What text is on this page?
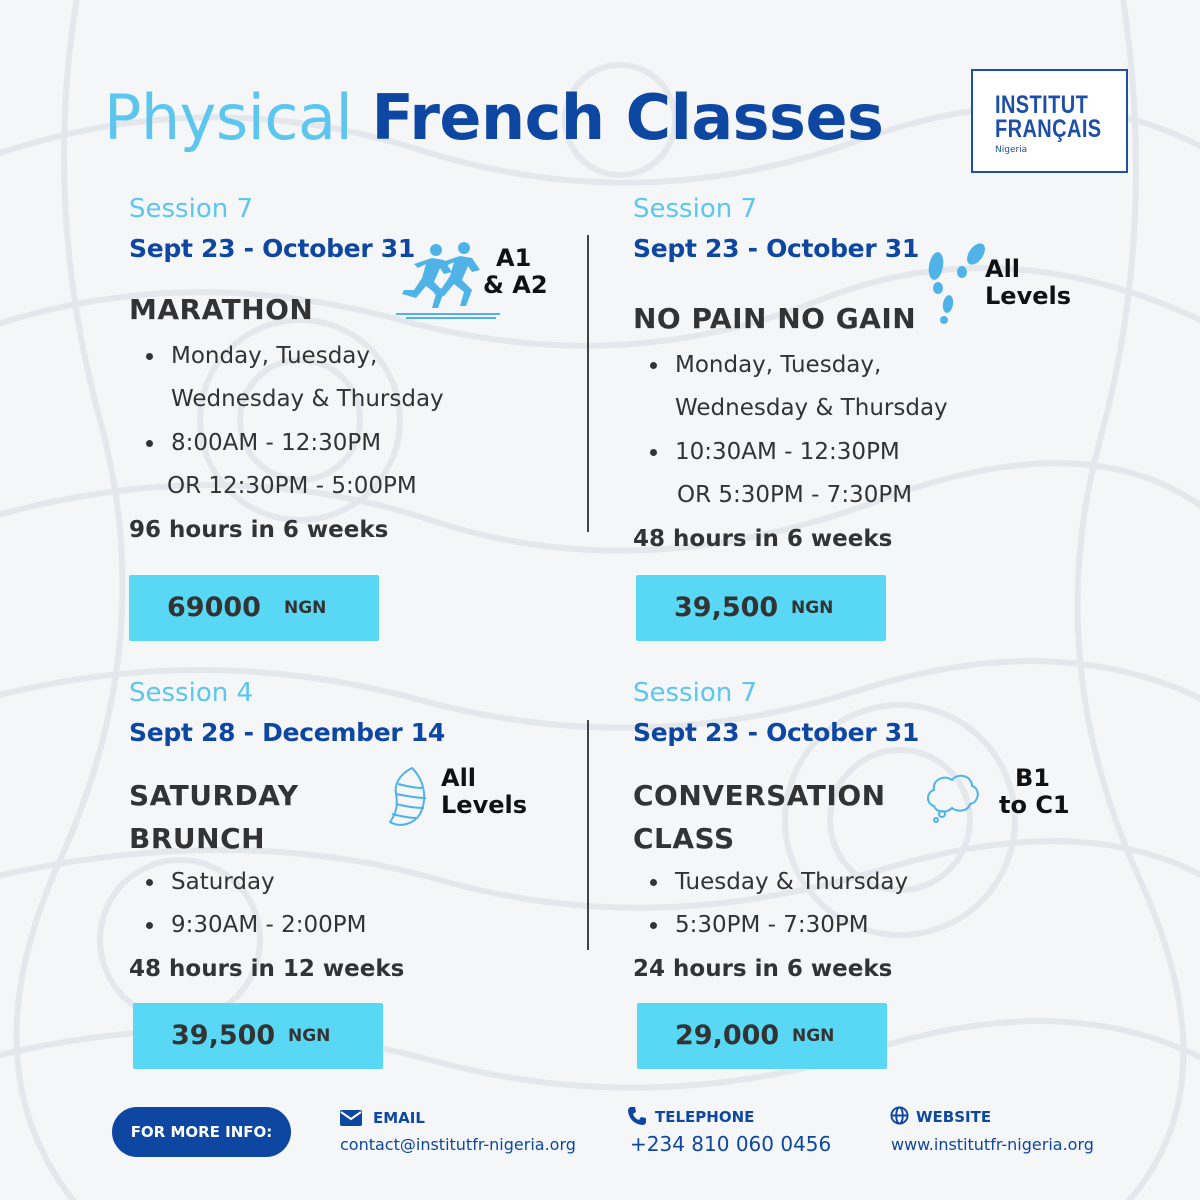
Physical French Classes	INSTITUT
FRANÇAIS
Nigeria
Session 7
Sept 23 - October 31	A1
& A2
MARATHON
Monday, Tuesday,
Wednesday & Thursday
8:00AM - 12:30PM
OR 12:30PM - 5:00PM
96 hours in 6 weeks
69000 NGN
Session 7
Sept 23 - October 31
All
Levels
NO PAIN NO GAIN
Monday, Tuesday,
Wednesday & Thursday
10:30AM - 12:30PM
OR 5:30PM - 7:30PM
48 hours in 6 weeks
39,500 NGN
Session 4
Sept 28 - December 14
All
Levels
SATURDAY
BRUNCH
Saturday
9:30AM - 2:00PM
48 hours in 12 weeks
39,500 NGN
Session 7
Sept 23 - October 31
B1
to C1
CONVERSATION
CLASS
Tuesday & Thursday
5:30PM - 7:30PM
24 hours in 6 weeks
29,000 NGN
FOR MORE INFO:
EMAIL
contact@institutfr-nigeria.org
TELEPHONE
+234 810 060 0456
WEBSITE
www.institutfr-nigeria.org
